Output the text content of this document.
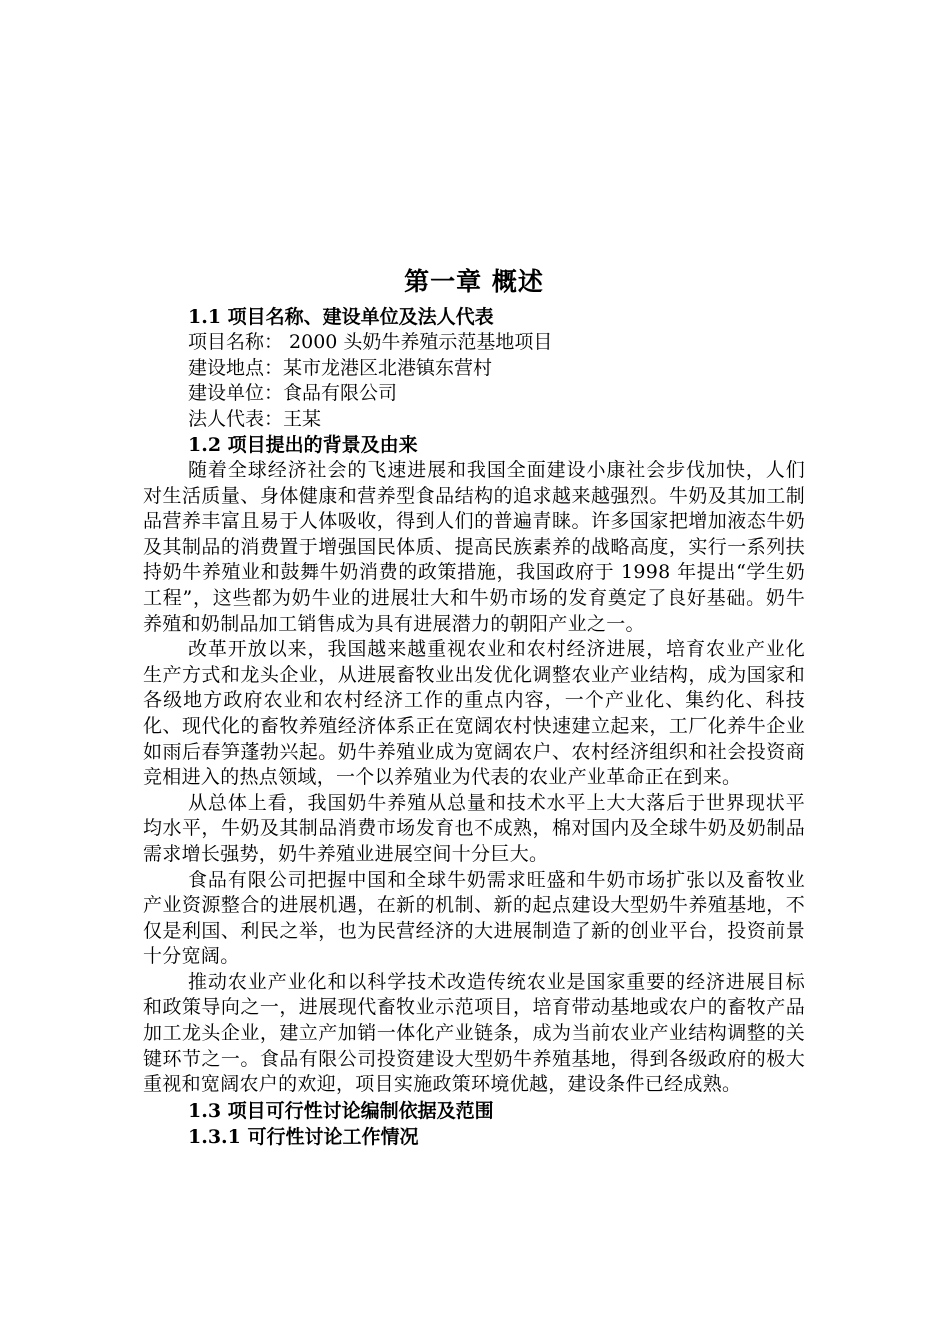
第一章 概述
1.1 项目名称、建设单位及法人代表
项目名称： 2000 头奶牛养殖示范基地项目
建设地点：某市龙港区北港镇东营村
建设单位：食品有限公司
法人代表：王某
1.2 项目提出的背景及由来

随着全球经济社会的飞速进展和我国全面建设小康社会步伐加快，人们对生活质量、身体健康和营养型食品结构的追求越来越强烈。牛奶及其加工制品营养丰富且易于人体吸收，得到人们的普遍青睐。许多国家把增加液态牛奶及其制品的消费置于增强国民体质、提高民族素养的战略高度，实行一系列扶持奶牛养殖业和鼓舞牛奶消费的政策措施，我国政府于 1998 年提出“学生奶工程”，这些都为奶牛业的进展壮大和牛奶市场的发育奠定了良好基础。奶牛养殖和奶制品加工销售成为具有进展潜力的朝阳产业之一。

改革开放以来，我国越来越重视农业和农村经济进展，培育农业产业化生产方式和龙头企业，从进展畜牧业出发优化调整农业产业结构，成为国家和各级地方政府农业和农村经济工作的重点内容，一个产业化、集约化、科技化、现代化的畜牧养殖经济体系正在宽阔农村快速建立起来，工厂化养牛企业如雨后春笋蓬勃兴起。奶牛养殖业成为宽阔农户、农村经济组织和社会投资商竞相进入的热点领域，一个以养殖业为代表的农业产业革命正在到来。

从总体上看，我国奶牛养殖从总量和技术水平上大大落后于世界现状平均水平，牛奶及其制品消费市场发育也不成熟，棉对国内及全球牛奶及奶制品需求增长强势，奶牛养殖业进展空间十分巨大。

食品有限公司把握中国和全球牛奶需求旺盛和牛奶市场扩张以及畜牧业产业资源整合的进展机遇，在新的机制、新的起点建设大型奶牛养殖基地，不仅是利国、利民之举，也为民营经济的大进展制造了新的创业平台，投资前景十分宽阔。

推动农业产业化和以科学技术改造传统农业是国家重要的经济进展目标和政策导向之一，进展现代畜牧业示范项目，培育带动基地或农户的畜牧产品加工龙头企业，建立产加销一体化产业链条，成为当前农业产业结构调整的关键环节之一。食品有限公司投资建设大型奶牛养殖基地，得到各级政府的极大重视和宽阔农户的欢迎，项目实施政策环境优越，建设条件已经成熟。

1.3 项目可行性讨论编制依据及范围
1.3.1 可行性讨论工作情况
